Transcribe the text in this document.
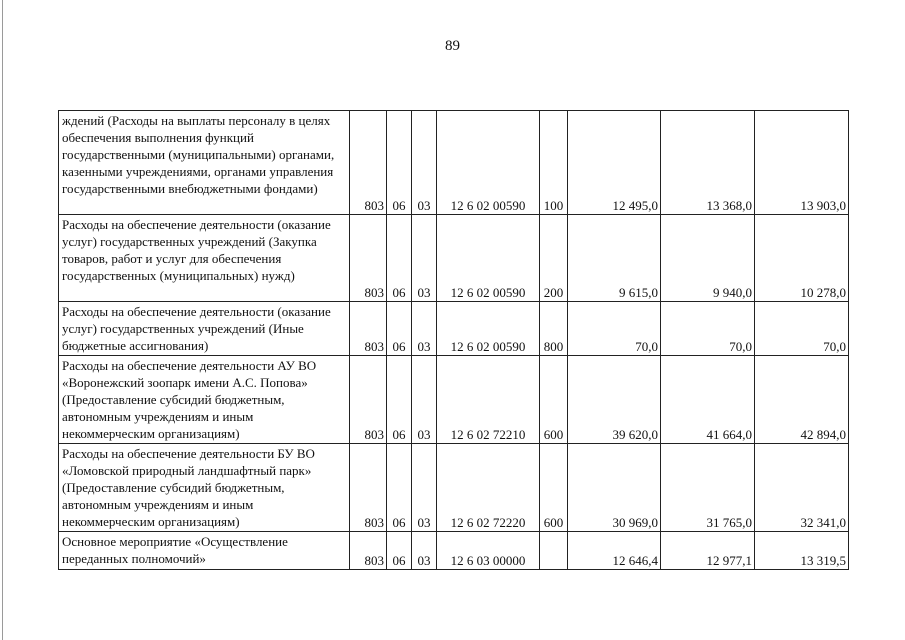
89
ждений (Расходы на выплаты персоналу в целях обеспечения выполнения функций государственными (муниципальными) органами, казенными учреждениями, органами управления государственными внебюджетными фондами)	803	06	03	12 6 02 00590	100	12 495,0	13 368,0	13 903,0

Расходы на обеспечение деятельности (оказание услуг) государственных учреждений (Закупка товаров, работ и услуг для обеспечения государственных (муниципальных) нужд)	803	06	03	12 6 02 00590	200	9 615,0	9 940,0	10 278,0

Расходы на обеспечение деятельности (оказание услуг) государственных учреждений (Иные бюджетные ассигнования)	803	06	03	12 6 02 00590	800	70,0	70,0	70,0

Расходы на обеспечение деятельности АУ ВО «Воронежский зоопарк имени А.С. Попова» (Предоставление субсидий бюджетным, автономным учреждениям и иным некоммерческим организациям)	803	06	03	12 6 02 72210	600	39 620,0	41 664,0	42 894,0

Расходы на обеспечение деятельности БУ ВО «Ломовской природный ландшафтный парк» (Предоставление субсидий бюджетным, автономным учреждениям и иным некоммерческим организациям)	803	06	03	12 6 02 72220	600	30 969,0	31 765,0	32 341,0

Основное мероприятие «Осуществление переданных полномочий»	803	06	03	12 6 03 00000		12 646,4	12 977,1	13 319,5
